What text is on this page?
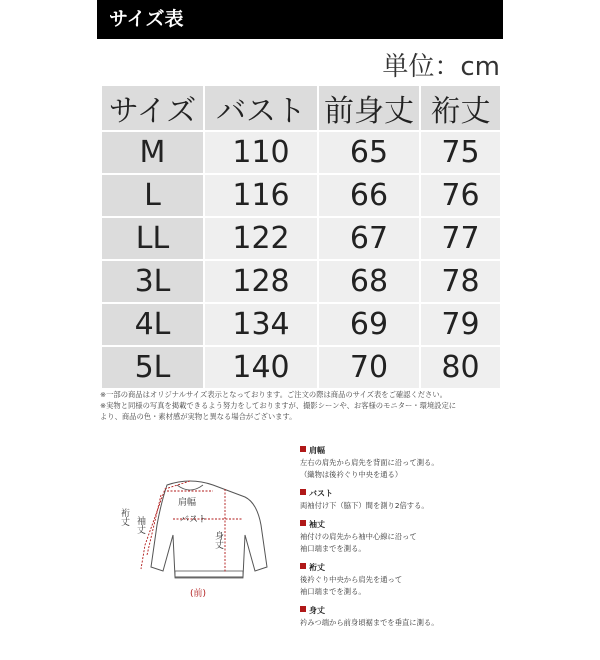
サイズ表
単位：cm
サイズ	バスト	前身丈	裄丈
M	110	65	75
L	116	66	76
LL	122	67	77
3L	128	68	78
4L	134	69	79
5L	140	70	80
※一部の商品はオリジナルサイズ表示となっております。ご注文の際は商品のサイズ表をご確認ください。
※実物と同様の写真を掲載できるよう努力をしておりますが、撮影シーンや、お客様のモニター・環境設定に
より、商品の色・素材感が実物と異なる場合がございます。
肩幅
バスト
身丈
裄丈 袖丈
(前)
肩幅
左右の肩先から肩先を背面に沿って測る。
（織物は後衿ぐり中央を通る）
バスト
両袖付け下（脇下）間を測り2倍する。
袖丈
袖付けの肩先から袖中心線に沿って
袖口端までを測る。
裄丈
後衿ぐり中央から肩先を通って
袖口端までを測る。
身丈
衿みつ端から前身頃裾までを垂直に測る。
